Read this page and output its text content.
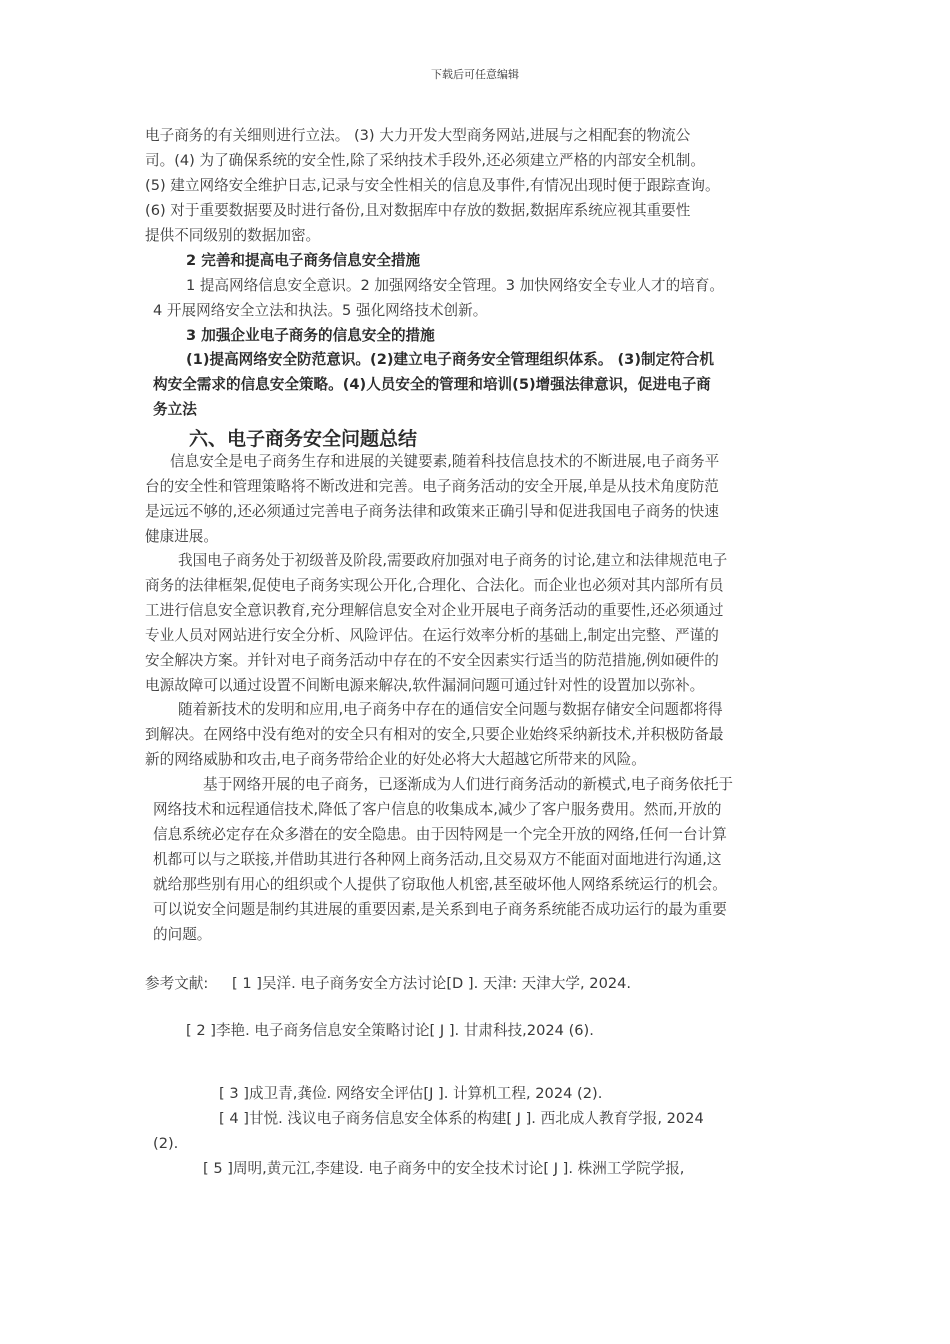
下载后可任意编辑
电子商务的有关细则进行立法。 (3) 大力开发大型商务网站,进展与之相配套的物流公
司。(4) 为了确保系统的安全性,除了采纳技术手段外,还必须建立严格的内部安全机制。
(5) 建立网络安全维护日志,记录与安全性相关的信息及事件,有情况出现时便于跟踪查询。
(6) 对于重要数据要及时进行备份,且对数据库中存放的数据,数据库系统应视其重要性
提供不同级别的数据加密。
2 完善和提高电子商务信息安全措施
1 提高网络信息安全意识。2 加强网络安全管理。3 加快网络安全专业人才的培育。
4 开展网络安全立法和执法。5 强化网络技术创新。
3 加强企业电子商务的信息安全的措施
(1)提高网络安全防范意识。(2)建立电子商务安全管理组织体系。 (3)制定符合机
构安全需求的信息安全策略。(4)人员安全的管理和培训(5)增强法律意识，促进电子商
务立法
六、电子商务安全问题总结
信息安全是电子商务生存和进展的关键要素,随着科技信息技术的不断进展,电子商务平
台的安全性和管理策略将不断改进和完善。电子商务活动的安全开展,单是从技术角度防范
是远远不够的,还必须通过完善电子商务法律和政策来正确引导和促进我国电子商务的快速
健康进展。
我国电子商务处于初级普及阶段,需要政府加强对电子商务的讨论,建立和法律规范电子
商务的法律框架,促使电子商务实现公开化,合理化、合法化。而企业也必须对其内部所有员
工进行信息安全意识教育,充分理解信息安全对企业开展电子商务活动的重要性,还必须通过
专业人员对网站进行安全分析、风险评估。在运行效率分析的基础上,制定出完整、严谨的
安全解决方案。并针对电子商务活动中存在的不安全因素实行适当的防范措施,例如硬件的
电源故障可以通过设置不间断电源来解决,软件漏洞问题可通过针对性的设置加以弥补。
随着新技术的发明和应用,电子商务中存在的通信安全问题与数据存储安全问题都将得
到解决。在网络中没有绝对的安全只有相对的安全,只要企业始终采纳新技术,并积极防备最
新的网络威胁和攻击,电子商务带给企业的好处必将大大超越它所带来的风险。
基于网络开展的电子商务，已逐渐成为人们进行商务活动的新模式,电子商务依托于
网络技术和远程通信技术,降低了客户信息的收集成本,减少了客户服务费用。然而,开放的
信息系统必定存在众多潜在的安全隐患。由于因特网是一个完全开放的网络,任何一台计算
机都可以与之联接,并借助其进行各种网上商务活动,且交易双方不能面对面地进行沟通,这
就给那些别有用心的组织或个人提供了窃取他人机密,甚至破坏他人网络系统运行的机会。
可以说安全问题是制约其进展的重要因素,是关系到电子商务系统能否成功运行的最为重要
的问题。
参考文献: [ 1 ]吴洋. 电子商务安全方法讨论[D ]. 天津: 天津大学, 2024.
[ 2 ]李艳. 电子商务信息安全策略讨论[ J ]. 甘肃科技,2024 (6).
[ 3 ]成卫青,龚俭. 网络安全评估[J ]. 计算机工程, 2024 (2).
[ 4 ]甘悦. 浅议电子商务信息安全体系的构建[ J ]. 西北成人教育学报, 2024
(2).
[ 5 ]周明,黄元江,李建设. 电子商务中的安全技术讨论[ J ]. 株洲工学院学报,
